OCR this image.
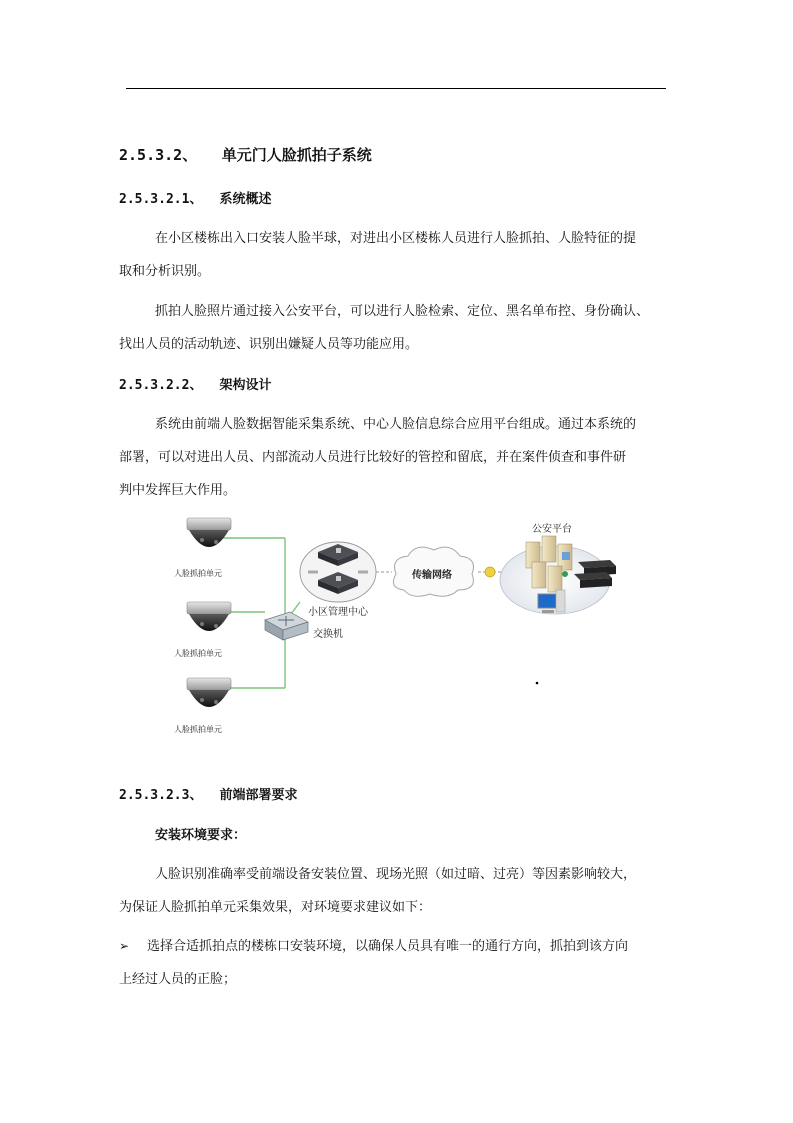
2.5.3.2、 单元门人脸抓拍子系统
2.5.3.2.1、 系统概述
在小区楼栋出入口安装人脸半球，对进出小区楼栋人员进行人脸抓拍、人脸特征的提
取和分析识别。
抓拍人脸照片通过接入公安平台，可以进行人脸检索、定位、黑名单布控、身份确认、
找出人员的活动轨迹、识别出嫌疑人员等功能应用。
2.5.3.2.2、 架构设计
系统由前端人脸数据智能采集系统、中心人脸信息综合应用平台组成。通过本系统的
部署，可以对进出人员、内部流动人员进行比较好的管控和留底，并在案件侦查和事件研
判中发挥巨大作用。
人脸抓拍单元
人脸抓拍单元
人脸抓拍单元
交换机
小区管理中心
传输网络
公安平台
2.5.3.2.3、 前端部署要求
安装环境要求：
人脸识别准确率受前端设备安装位置、现场光照（如过暗、过亮）等因素影响较大，
为保证人脸抓拍单元采集效果，对环境要求建议如下：
➢ 选择合适抓拍点的楼栋口安装环境，以确保人员具有唯一的通行方向，抓拍到该方向
上经过人员的正脸；
